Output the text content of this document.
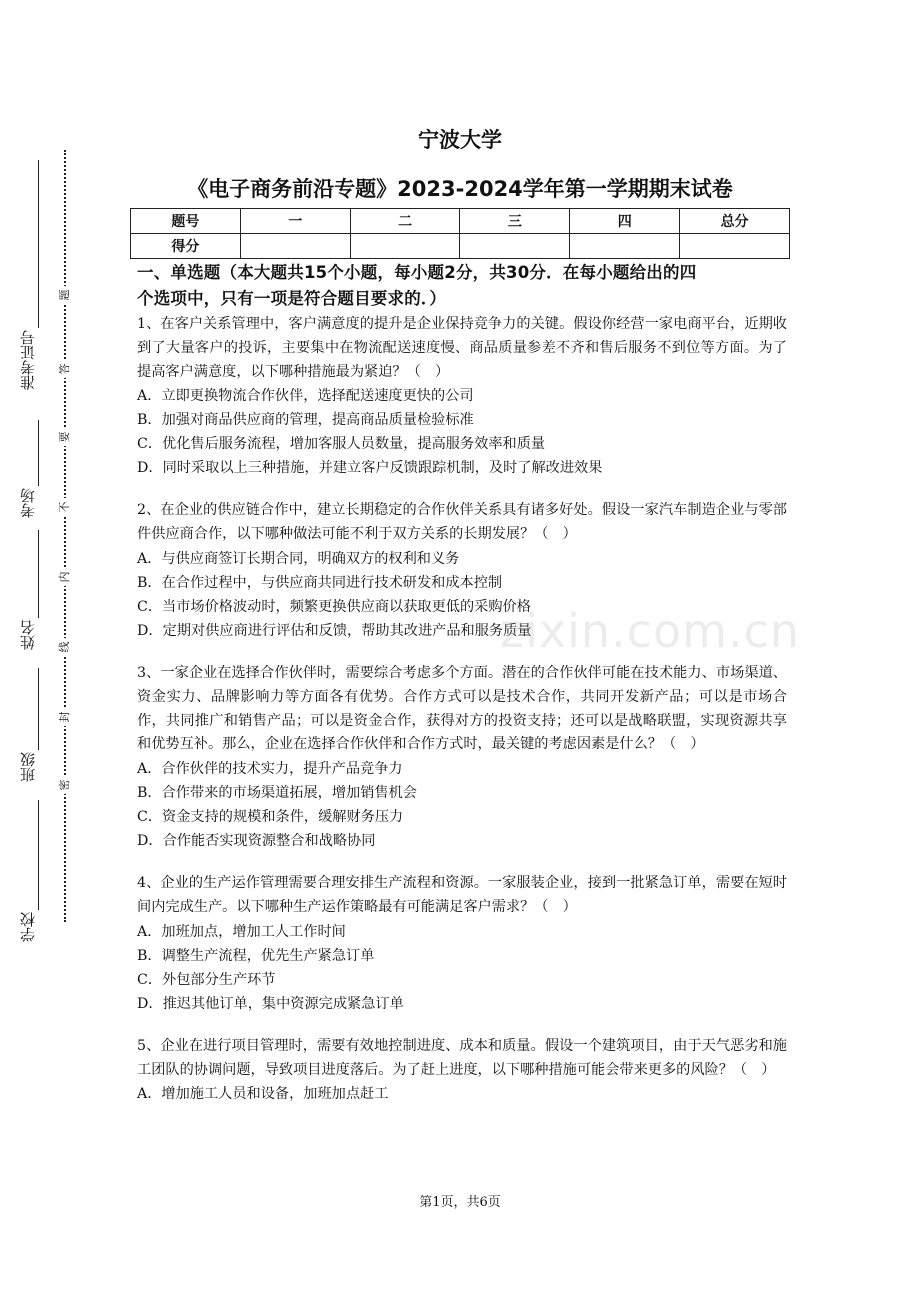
准考证号
考场
姓名
班级
学校
题
答
要
不
内
线
封
密
宁波大学
《电子商务前沿专题》2023-2024学年第一学期期末试卷
题号	一	二	三	四	总分
得分					
一、单选题（本大题共15个小题，每小题2分，共30分．在每小题给出的四
个选项中，只有一项是符合题目要求的．）
1、在客户关系管理中，客户满意度的提升是企业保持竞争力的关键。假设你经营一家电商平台，近期收到了大量客户的投诉，主要集中在物流配送速度慢、商品质量参差不齐和售后服务不到位等方面。为了提高客户满意度，以下哪种措施最为紧迫？（　）
A．立即更换物流合作伙伴，选择配送速度更快的公司
B．加强对商品供应商的管理，提高商品质量检验标准
C．优化售后服务流程，增加客服人员数量，提高服务效率和质量
D．同时采取以上三种措施，并建立客户反馈跟踪机制，及时了解改进效果
2、在企业的供应链合作中，建立长期稳定的合作伙伴关系具有诸多好处。假设一家汽车制造企业与零部件供应商合作，以下哪种做法可能不利于双方关系的长期发展？（　）
A．与供应商签订长期合同，明确双方的权利和义务
B．在合作过程中，与供应商共同进行技术研发和成本控制
C．当市场价格波动时，频繁更换供应商以获取更低的采购价格
D．定期对供应商进行评估和反馈，帮助其改进产品和服务质量
3、一家企业在选择合作伙伴时，需要综合考虑多个方面。潜在的合作伙伴可能在技术能力、市场渠道、资金实力、品牌影响力等方面各有优势。合作方式可以是技术合作，共同开发新产品；可以是市场合作，共同推广和销售产品；可以是资金合作，获得对方的投资支持；还可以是战略联盟，实现资源共享和优势互补。那么，企业在选择合作伙伴和合作方式时，最关键的考虑因素是什么？（　）
A．合作伙伴的技术实力，提升产品竞争力
B．合作带来的市场渠道拓展，增加销售机会
C．资金支持的规模和条件，缓解财务压力
D．合作能否实现资源整合和战略协同
4、企业的生产运作管理需要合理安排生产流程和资源。一家服装企业，接到一批紧急订单，需要在短时间内完成生产。以下哪种生产运作策略最有可能满足客户需求？（　）
A．加班加点，增加工人工作时间
B．调整生产流程，优先生产紧急订单
C．外包部分生产环节
D．推迟其他订单，集中资源完成紧急订单
5、企业在进行项目管理时，需要有效地控制进度、成本和质量。假设一个建筑项目，由于天气恶劣和施工团队的协调问题，导致项目进度落后。为了赶上进度，以下哪种措施可能会带来更多的风险？（　）
A．增加施工人员和设备，加班加点赶工
zixin.com.cn
第1页，共6页
